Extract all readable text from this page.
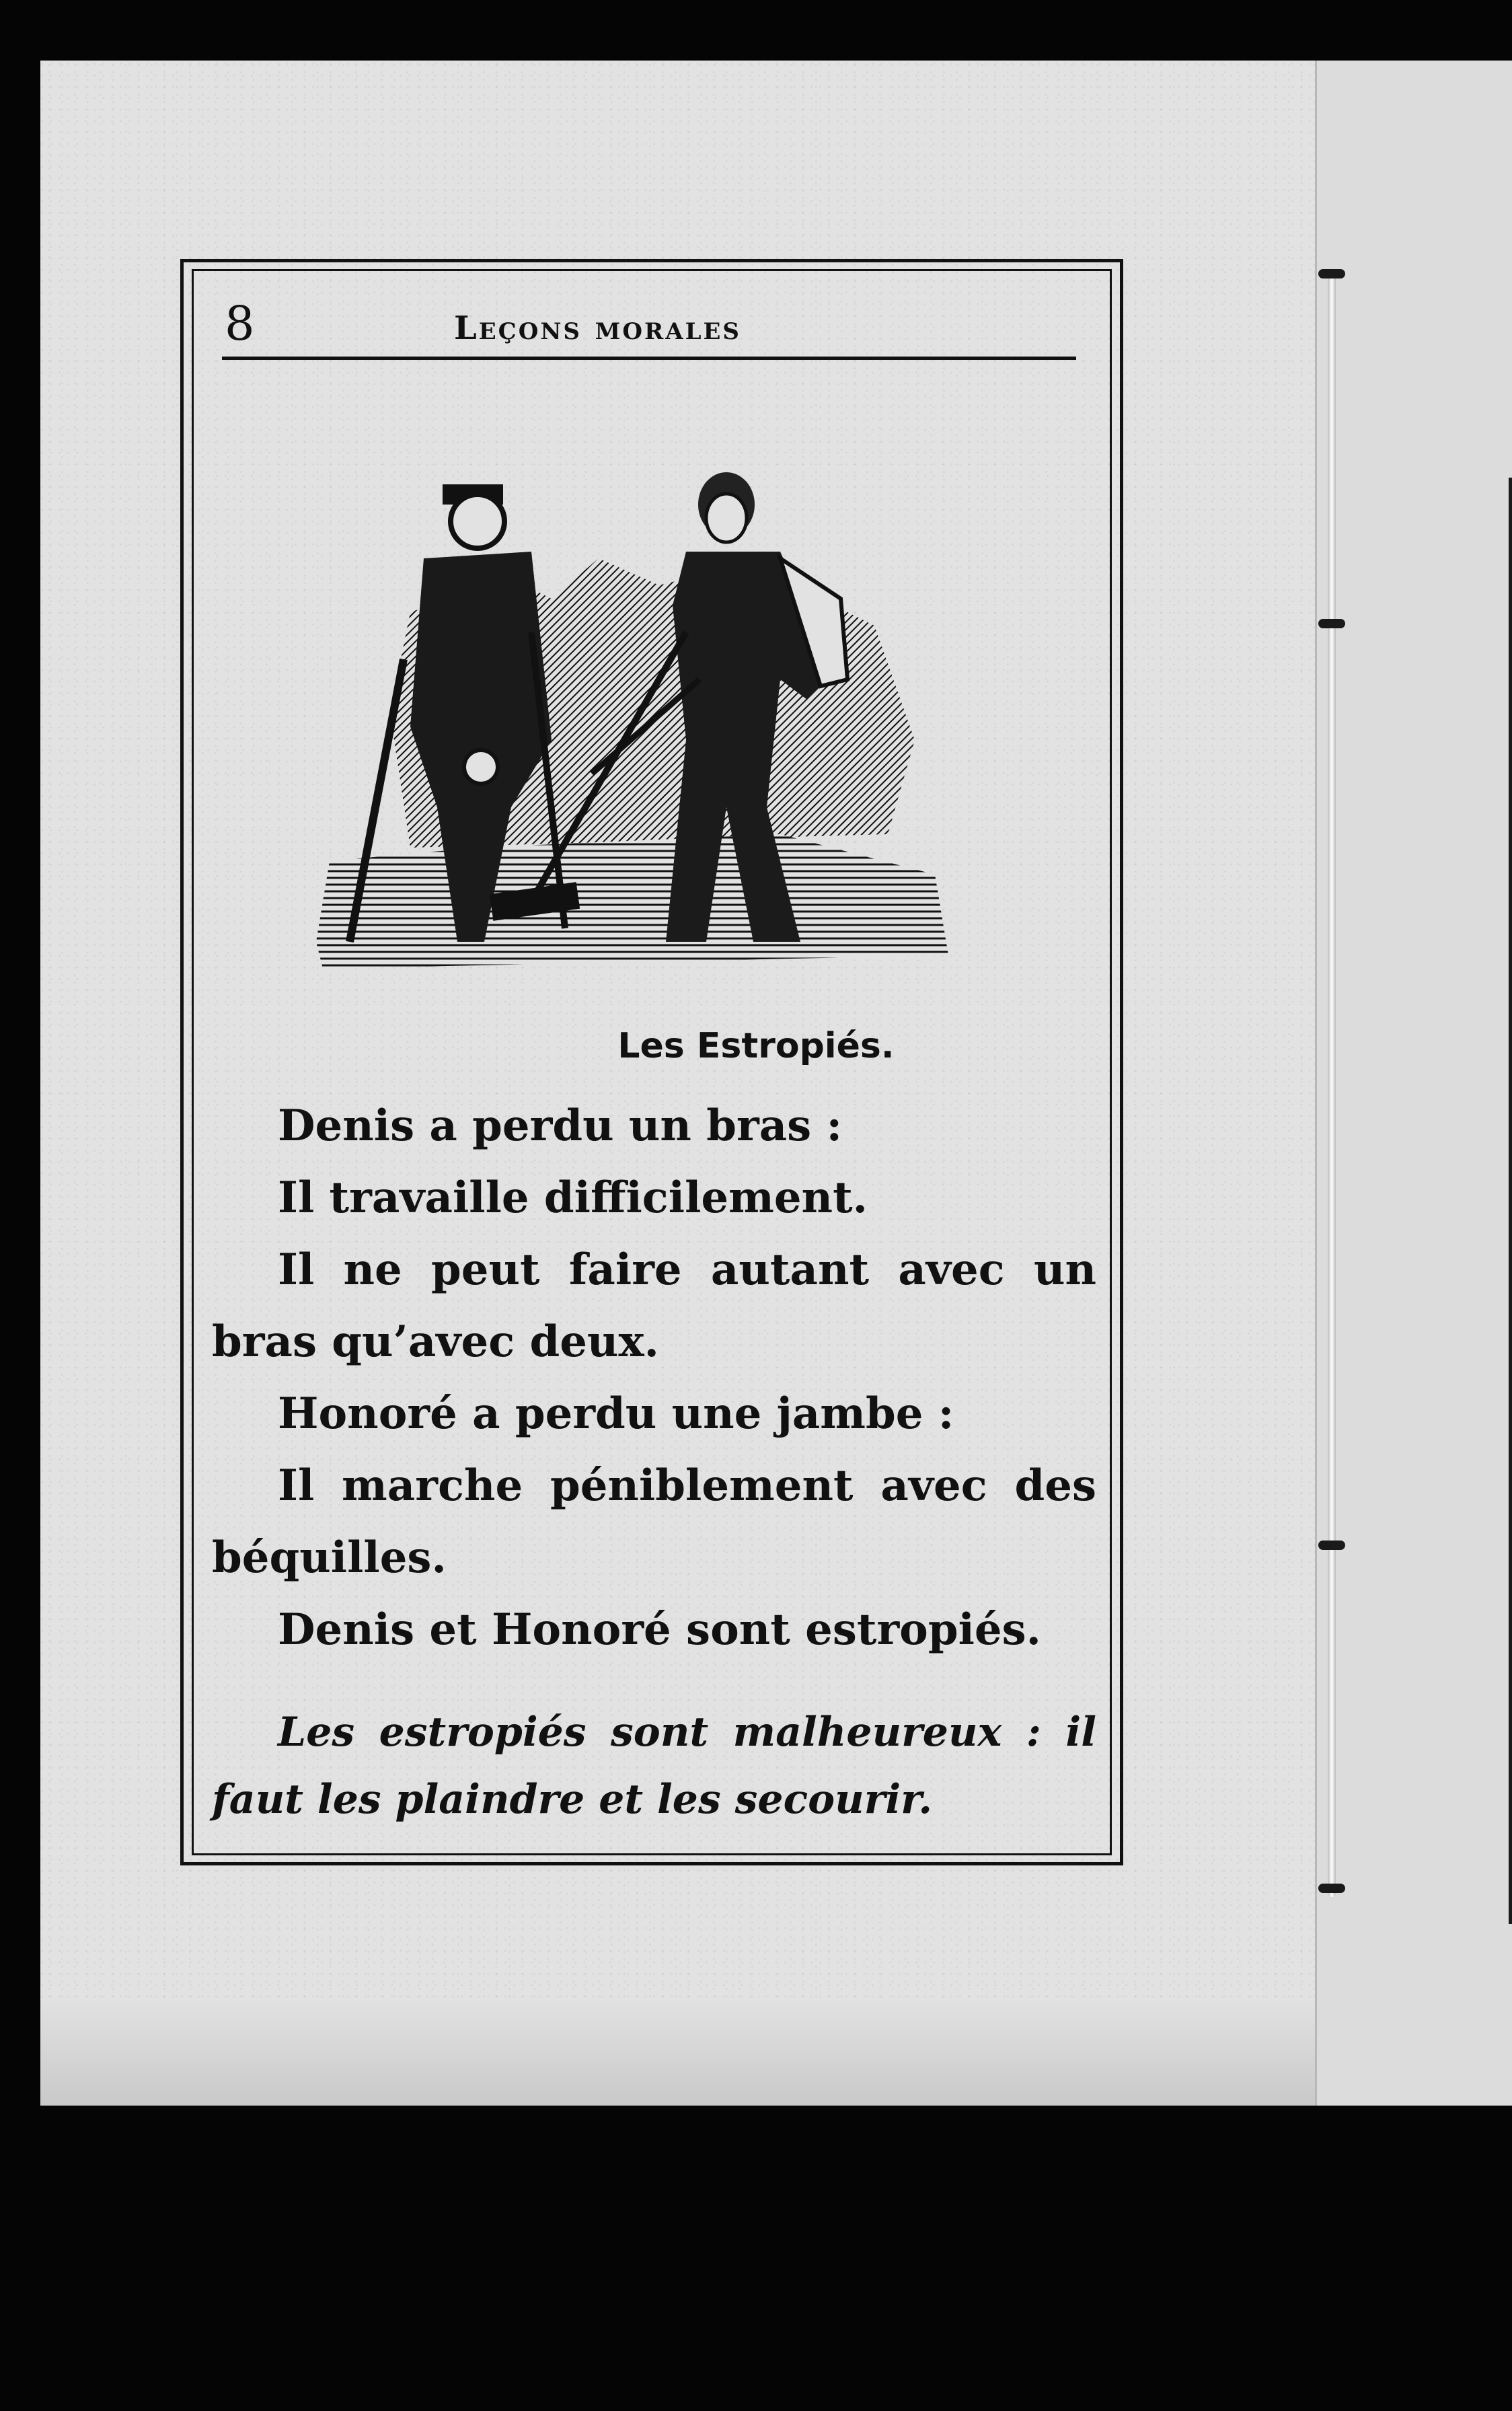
8	Leçons morales
Les Estropiés.

Denis a perdu un bras :

Il travaille difficilement.

Il ne peut faire autant avec un bras qu’avec deux.

Honoré a perdu une jambe :

Il marche péniblement avec des béquilles.

Denis et Honoré sont estropiés.

Les estropiés sont malheureux : il faut les plaindre et les secourir.
